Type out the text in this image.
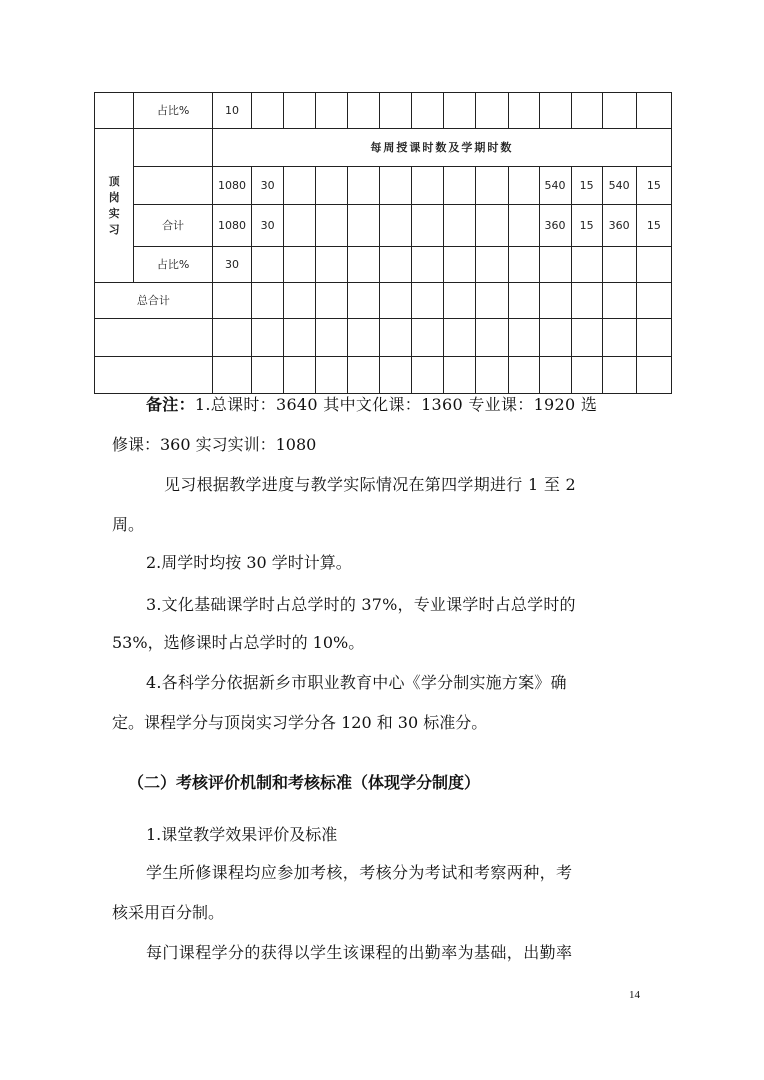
	占比%	10													

顶
岗
实
习		每周授课时数及学期时数													
		1080	30									540	15	540	15
	合计	1080	30									360	15	360	15
	占比%	30													
总合计															

备注：1.总课时：3640 其中文化课：1360 专业课：1920 选
修课：360 实习实训：1080
见习根据教学进度与教学实际情况在第四学期进行 1 至 2
周。
2.周学时均按 30 学时计算。
3.文化基础课学时占总学时的 37%，专业课学时占总学时的
53%，选修课时占总学时的 10%。
4.各科学分依据新乡市职业教育中心《学分制实施方案》确
定。课程学分与顶岗实习学分各 120 和 30 标准分。
（二）考核评价机制和考核标准（体现学分制度）
1.课堂教学效果评价及标准
学生所修课程均应参加考核，考核分为考试和考察两种，考
核采用百分制。
每门课程学分的获得以学生该课程的出勤率为基础，出勤率
14
